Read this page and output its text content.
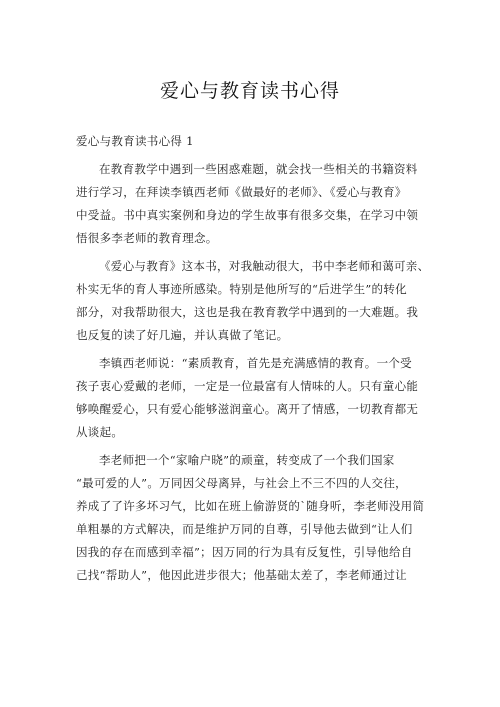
爱心与教育读书心得
爱心与教育读书心得 1
在教育教学中遇到一些困惑难题，就会找一些相关的书籍资料
进行学习，在拜读李镇西老师《做最好的老师》、《爱心与教育》
中受益。书中真实案例和身边的学生故事有很多交集，在学习中领
悟很多李老师的教育理念。
《爱心与教育》这本书，对我触动很大，书中李老师和蔼可亲、
朴实无华的育人事迹所感染。特别是他所写的“后进学生”的转化
部分，对我帮助很大，这也是我在教育教学中遇到的一大难题。我
也反复的读了好几遍，并认真做了笔记。
李镇西老师说：“素质教育，首先是充满感情的教育。一个受
孩子衷心爱戴的老师，一定是一位最富有人情味的人。只有童心能
够唤醒爱心，只有爱心能够滋润童心。离开了情感，一切教育都无
从谈起。
李老师把一个“家喻户晓”的顽童，转变成了一个我们国家
“最可爱的人”。万同因父母离异，与社会上不三不四的人交往，
养成了了许多坏习气，比如在班上偷游贤的`随身听，李老师没用简
单粗暴的方式解决，而是维护万同的自尊，引导他去做到“让人们
因我的存在而感到幸福”；因万同的行为具有反复性，引导他给自
己找“帮助人”，他因此进步很大；他基础太差了，李老师通过让
